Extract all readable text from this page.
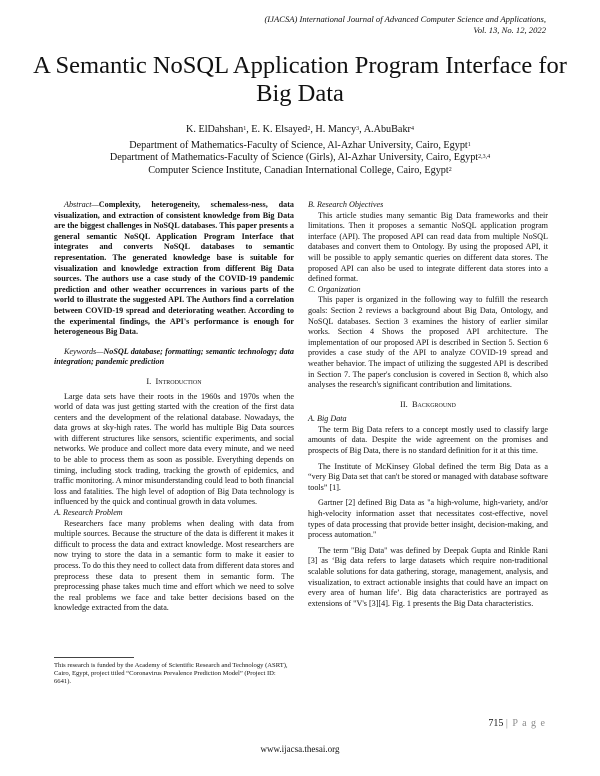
(IJACSA) International Journal of Advanced Computer Science and Applications,
Vol. 13, No. 12, 2022
A Semantic NoSQL Application Program Interface for Big Data
K. ElDahshan$^1$, E. K. Elsayed$^2$, H. Mancy$^3$, A.AbuBakr$^4$
Department of Mathematics-Faculty of Science, Al-Azhar University, Cairo, Egypt$^1$
Department of Mathematics-Faculty of Science (Girls), Al-Azhar University, Cairo, Egypt$^{2,3,4}$
Computer Science Institute, Canadian International College, Cairo, Egypt$^2$

Abstract—Complexity, heterogeneity, schemaless-ness, data visualization, and extraction of consistent knowledge from Big Data are the biggest challenges in NoSQL databases. This paper presents a general semantic NoSQL Application Program Interface that integrates and converts NoSQL databases to semantic representation. The generated knowledge base is suitable for visualization and knowledge extraction from different Big Data sources. The authors use a case study of the COVID-19 pandemic prediction and other weather occurrences in various parts of the world to illustrate the suggested API. The Authors find a correlation between COVID-19 spread and deteriorating weather. According to the experimental findings, the API's performance is enough for heterogeneous Big Data.

Keywords—NoSQL database; formatting; semantic technology; data integration; pandemic prediction

I. Introduction

Large data sets have their roots in the 1960s and 1970s when the world of data was just getting started with the creation of the first data centers and the development of the relational database. Nowadays, the data grows at sky-high rates. The world has multiple Big Data sources with different structures like sensors, scientific experiments, and social networks. We produce and collect more data every minute, and we need to be able to process them as soon as possible. Everything depends on timing, including stock trading, tracking the growth of epidemics, and traffic monitoring. A minor misunderstanding could lead to both financial loss and fatalities. The high level of adoption of Big Data technology is influenced by the quick and continual growth in data volumes.

A. Research Problem

Researchers face many problems when dealing with data from multiple sources. Because the structure of the data is different it makes it difficult to process the data and extract knowledge. Most researchers are now trying to store the data in a semantic form to make it easier to process. To do this they need to collect data from different data stores and preprocess these data to present them in semantic form. The preprocessing phase takes much time and effort which we need to solve the real problems we face and take better decisions based on the knowledge extracted from the data.

This research is funded by the Academy of Scientific Research and Technology (ASRT), Cairo, Egypt, project titled “Coronavirus Prevalence Prediction Model” (Project ID: 6641).

B. Research Objectives

This article studies many semantic Big Data frameworks and their limitations. Then it proposes a semantic NoSQL application program interface (API). The proposed API can read data from multiple NoSQL databases and convert them to Ontology. By using the proposed API, it will be possible to apply semantic queries on different data stores. The proposed API can also be used to integrate different data stores into a defined format.

C. Organization

This paper is organized in the following way to fulfill the research goals: Section 2 reviews a background about Big Data, Ontology, and NoSQL databases. Section 3 examines the history of earlier similar works. Section 4 Shows the proposed API architecture. The implementation of our proposed API is described in Section 5. Section 6 provides a case study of the API to analyze COVID-19 spread and weather behavior. The impact of utilizing the suggested API is described in Section 7. The paper's conclusion is covered in Section 8, which also analyses the research's significant contribution and limitations.

II. Background

A. Big Data

The term Big Data refers to a concept mostly used to classify large amounts of data. Despite the wide agreement on the promises and prospects of Big Data, there is no standard definition for it at this time.

The Institute of McKinsey Global defined the term Big Data as a “very Big Data set that can't be stored or managed with database software tools” [1].

Gartner [2] defined Big Data as "a high-volume, high-variety, and/or high-velocity information asset that necessitates cost-effective, novel types of data processing that provide better insight, decision-making, and process automation."

The term "Big Data" was defined by Deepak Gupta and Rinkle Rani [3] as ‘Big data refers to large datasets which require non-traditional scalable solutions for data gathering, storage, management, analysis, and visualization, to extract actionable insights that could have an impact on every area of human life’. Big data characteristics are portrayed as extensions of "V's [3][4]. Fig. 1 presents the Big Data characteristics.

715 | P a g e
www.ijacsa.thesai.org
